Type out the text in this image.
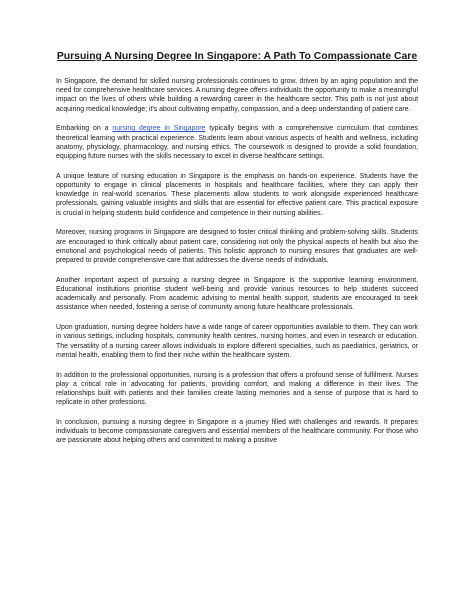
Pursuing A Nursing Degree In Singapore: A Path To Compassionate Care

In Singapore, the demand for skilled nursing professionals continues to grow, driven by an aging population and the need for comprehensive healthcare services. A nursing degree offers individuals the opportunity to make a meaningful impact on the lives of others while building a rewarding career in the healthcare sector. This path is not just about acquiring medical knowledge; it's about cultivating empathy, compassion, and a deep understanding of patient care.

Embarking on a nursing degree in Singapore typically begins with a comprehensive curriculum that combines theoretical learning with practical experience. Students learn about various aspects of health and wellness, including anatomy, physiology, pharmacology, and nursing ethics. The coursework is designed to provide a solid foundation, equipping future nurses with the skills necessary to excel in diverse healthcare settings.

A unique feature of nursing education in Singapore is the emphasis on hands-on experience. Students have the opportunity to engage in clinical placements in hospitals and healthcare facilities, where they can apply their knowledge in real-world scenarios. These placements allow students to work alongside experienced healthcare professionals, gaining valuable insights and skills that are essential for effective patient care. This practical exposure is crucial in helping students build confidence and competence in their nursing abilities.

Moreover, nursing programs in Singapore are designed to foster critical thinking and problem-solving skills. Students are encouraged to think critically about patient care, considering not only the physical aspects of health but also the emotional and psychological needs of patients. This holistic approach to nursing ensures that graduates are well-prepared to provide comprehensive care that addresses the diverse needs of individuals.

Another important aspect of pursuing a nursing degree in Singapore is the supportive learning environment. Educational institutions prioritise student well-being and provide various resources to help students succeed academically and personally. From academic advising to mental health support, students are encouraged to seek assistance when needed, fostering a sense of community among future healthcare professionals.

Upon graduation, nursing degree holders have a wide range of career opportunities available to them. They can work in various settings, including hospitals, community health centres, nursing homes, and even in research or education. The versatility of a nursing career allows individuals to explore different specialties, such as paediatrics, geriatrics, or mental health, enabling them to find their niche within the healthcare system.

In addition to the professional opportunities, nursing is a profession that offers a profound sense of fulfilment. Nurses play a critical role in advocating for patients, providing comfort, and making a difference in their lives. The relationships built with patients and their families create lasting memories and a sense of purpose that is hard to replicate in other professions.

In conclusion, pursuing a nursing degree in Singapore is a journey filled with challenges and rewards. It prepares individuals to become compassionate caregivers and essential members of the healthcare community. For those who are passionate about helping others and committed to making a positive
